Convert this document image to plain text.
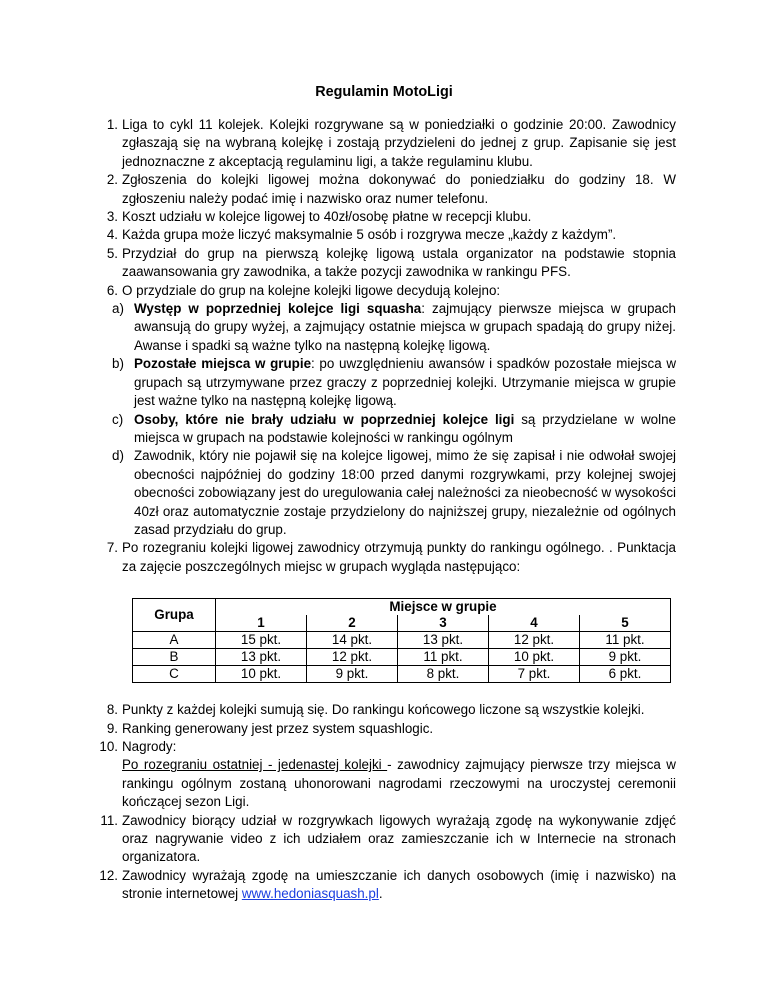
Regulamin MotoLigi
1. Liga to cykl 11 kolejek. Kolejki rozgrywane są w poniedziałki o godzinie 20:00. Zawodnicy zgłaszają się na wybraną kolejkę i zostają przydzieleni do jednej z grup. Zapisanie się jest jednoznaczne z akceptacją regulaminu ligi, a także regulaminu klubu.
2. Zgłoszenia do kolejki ligowej można dokonywać do poniedziałku do godziny 18. W zgłoszeniu należy podać imię i nazwisko oraz numer telefonu.
3. Koszt udziału w kolejce ligowej to 40zł/osobę płatne w recepcji klubu.
4. Każda grupa może liczyć maksymalnie 5 osób i rozgrywa mecze „każdy z każdym”.
5. Przydział do grup na pierwszą kolejkę ligową ustala organizator na podstawie stopnia zaawansowania gry zawodnika, a także pozycji zawodnika w rankingu PFS.
6. O przydziale do grup na kolejne kolejki ligowe decydują kolejno:
a) Występ w poprzedniej kolejce ligi squasha: zajmujący pierwsze miejsca w grupach awansują do grupy wyżej, a zajmujący ostatnie miejsca w grupach spadają do grupy niżej. Awanse i spadki są ważne tylko na następną kolejkę ligową.
b) Pozostałe miejsca w grupie: po uwzględnieniu awansów i spadków pozostałe miejsca w grupach są utrzymywane przez graczy z poprzedniej kolejki. Utrzymanie miejsca w grupie jest ważne tylko na następną kolejkę ligową.
c) Osoby, które nie brały udziału w poprzedniej kolejce ligi są przydzielane w wolne miejsca w grupach na podstawie kolejności w rankingu ogólnym
d) Zawodnik, który nie pojawił się na kolejce ligowej, mimo że się zapisał i nie odwołał swojej obecności najpóźniej do godziny 18:00 przed danymi rozgrywkami, przy kolejnej swojej obecności zobowiązany jest do uregulowania całej należności za nieobecność w wysokości 40zł oraz automatycznie zostaje przydzielony do najniższej grupy, niezależnie od ogólnych zasad przydziału do grup.
7. Po rozegraniu kolejki ligowej zawodnicy otrzymują punkty do rankingu ogólnego. . Punktacja za zajęcie poszczególnych miejsc w grupach wygląda następująco:
Grupa	Miejsce w grupie				
	1	2	3	4	5
A	15 pkt.	14 pkt.	13 pkt.	12 pkt.	11 pkt.
B	13 pkt.	12 pkt.	11 pkt.	10 pkt.	9 pkt.
C	10 pkt.	9 pkt.	8 pkt.	7 pkt.	6 pkt.
8. Punkty z każdej kolejki sumują się. Do rankingu końcowego liczone są wszystkie kolejki.
9. Ranking generowany jest przez system squashlogic.
10. Nagrody:
Po rozegraniu ostatniej - jedenastej kolejki - zawodnicy zajmujący pierwsze trzy miejsca w rankingu ogólnym zostaną uhonorowani nagrodami rzeczowymi na uroczystej ceremonii kończącej sezon Ligi.
11. Zawodnicy biorący udział w rozgrywkach ligowych wyrażają zgodę na wykonywanie zdjęć oraz nagrywanie video z ich udziałem oraz zamieszczanie ich w Internecie na stronach organizatora.
12. Zawodnicy wyrażają zgodę na umieszczanie ich danych osobowych (imię i nazwisko) na stronie internetowej www.hedoniasquash.pl.
